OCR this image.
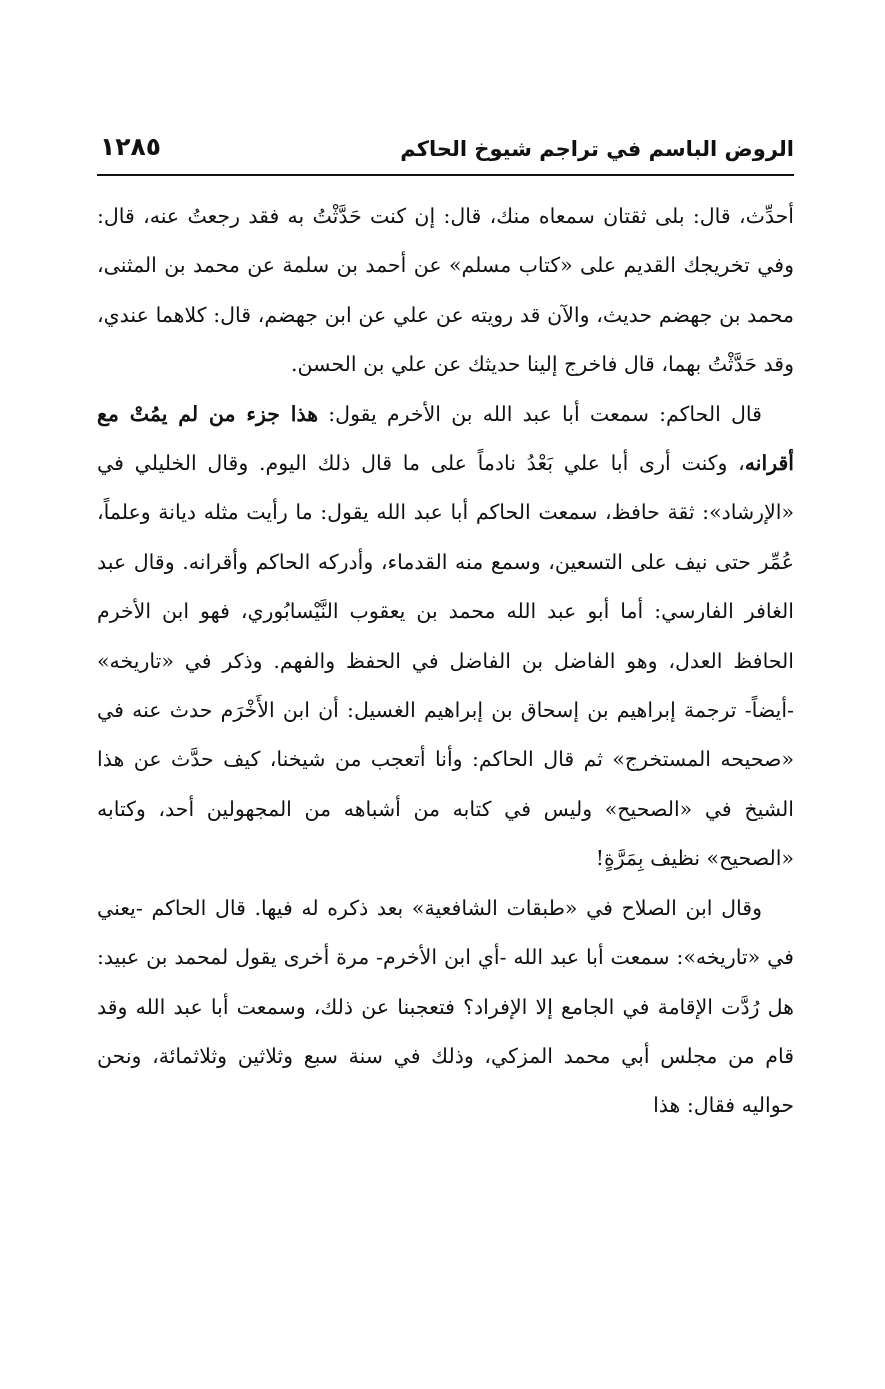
الروض الباسم في تراجم شيوخ الحاكم
١٢٨٥

أحدِّث، قال: بلى ثقتان سمعاه منك، قال: إن كنت حَدَّثْتُ به فقد رجعتُ عنه، قال: وفي تخريجك القديم على «كتاب مسلم» عن أحمد بن سلمة عن محمد بن المثنى، محمد بن جهضم حديث، والآن قد رويته عن علي عن ابن جهضم، قال: كلاهما عندي، وقد حَدَّثْتُ بهما، قال فاخرج إلينا حديثك عن علي بن الحسن.

قال الحاكم: سمعت أبا عبد الله بن الأخرم يقول: هذا جزء من لم يمُتْ مع أقرانه، وكنت أرى أبا علي بَعْدُ نادماً على ما قال ذلك اليوم. وقال الخليلي في «الإرشاد»: ثقة حافظ، سمعت الحاكم أبا عبد الله يقول: ما رأيت مثله ديانة وعلماً، عُمِّر حتى نيف على التسعين، وسمع منه القدماء، وأدركه الحاكم وأقرانه. وقال عبد الغافر الفارسي: أما أبو عبد الله محمد بن يعقوب النَّيْسابُوري، فهو ابن الأخرم الحافظ العدل، وهو الفاضل بن الفاضل في الحفظ والفهم. وذكر في «تاريخه» -أيضاً- ترجمة إبراهيم بن إسحاق بن إبراهيم الغسيل: أن ابن الأَخْرَم حدث عنه في «صحيحه المستخرج» ثم قال الحاكم: وأنا أتعجب من شيخنا، كيف حدَّث عن هذا الشيخ في «الصحيح» وليس في كتابه من أشباهه من المجهولين أحد، وكتابه «الصحيح» نظيف بِمَرَّةٍ!

وقال ابن الصلاح في «طبقات الشافعية» بعد ذكره له فيها. قال الحاكم -يعني في «تاريخه»: سمعت أبا عبد الله -أي ابن الأخرم- مرة أخرى يقول لمحمد بن عبيد: هل رُدَّت الإقامة في الجامع إلا الإفراد؟ فتعجبنا عن ذلك، وسمعت أبا عبد الله وقد قام من مجلس أبي محمد المزكي، وذلك في سنة سبع وثلاثين وثلاثمائة، ونحن حواليه فقال: هذا
